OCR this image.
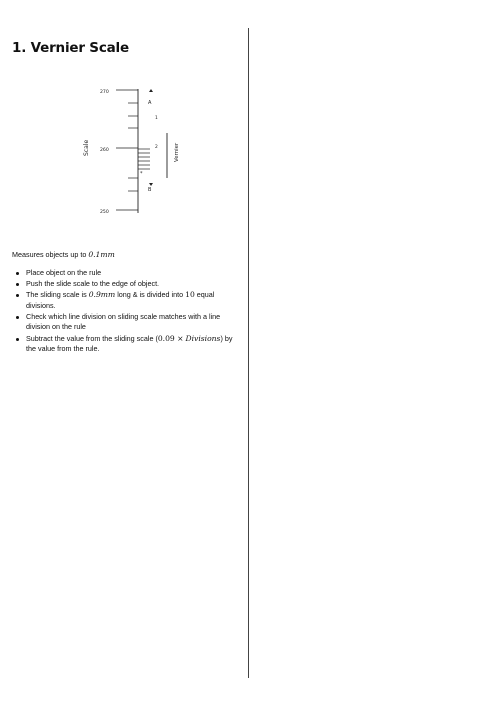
1. Vernier Scale
*
270
260
250
A
1
2
B
Scale	Vernier

Measures objects up to 0.1mm

Place object on the rule
Push the slide scale to the edge of object.
The sliding scale is 0.9mm long & is divided into 10 equal divisions.
Check which line division on sliding scale matches with a line division on the rule
Subtract the value from the sliding scale (0.09 × Divisions) by the value from the rule.
